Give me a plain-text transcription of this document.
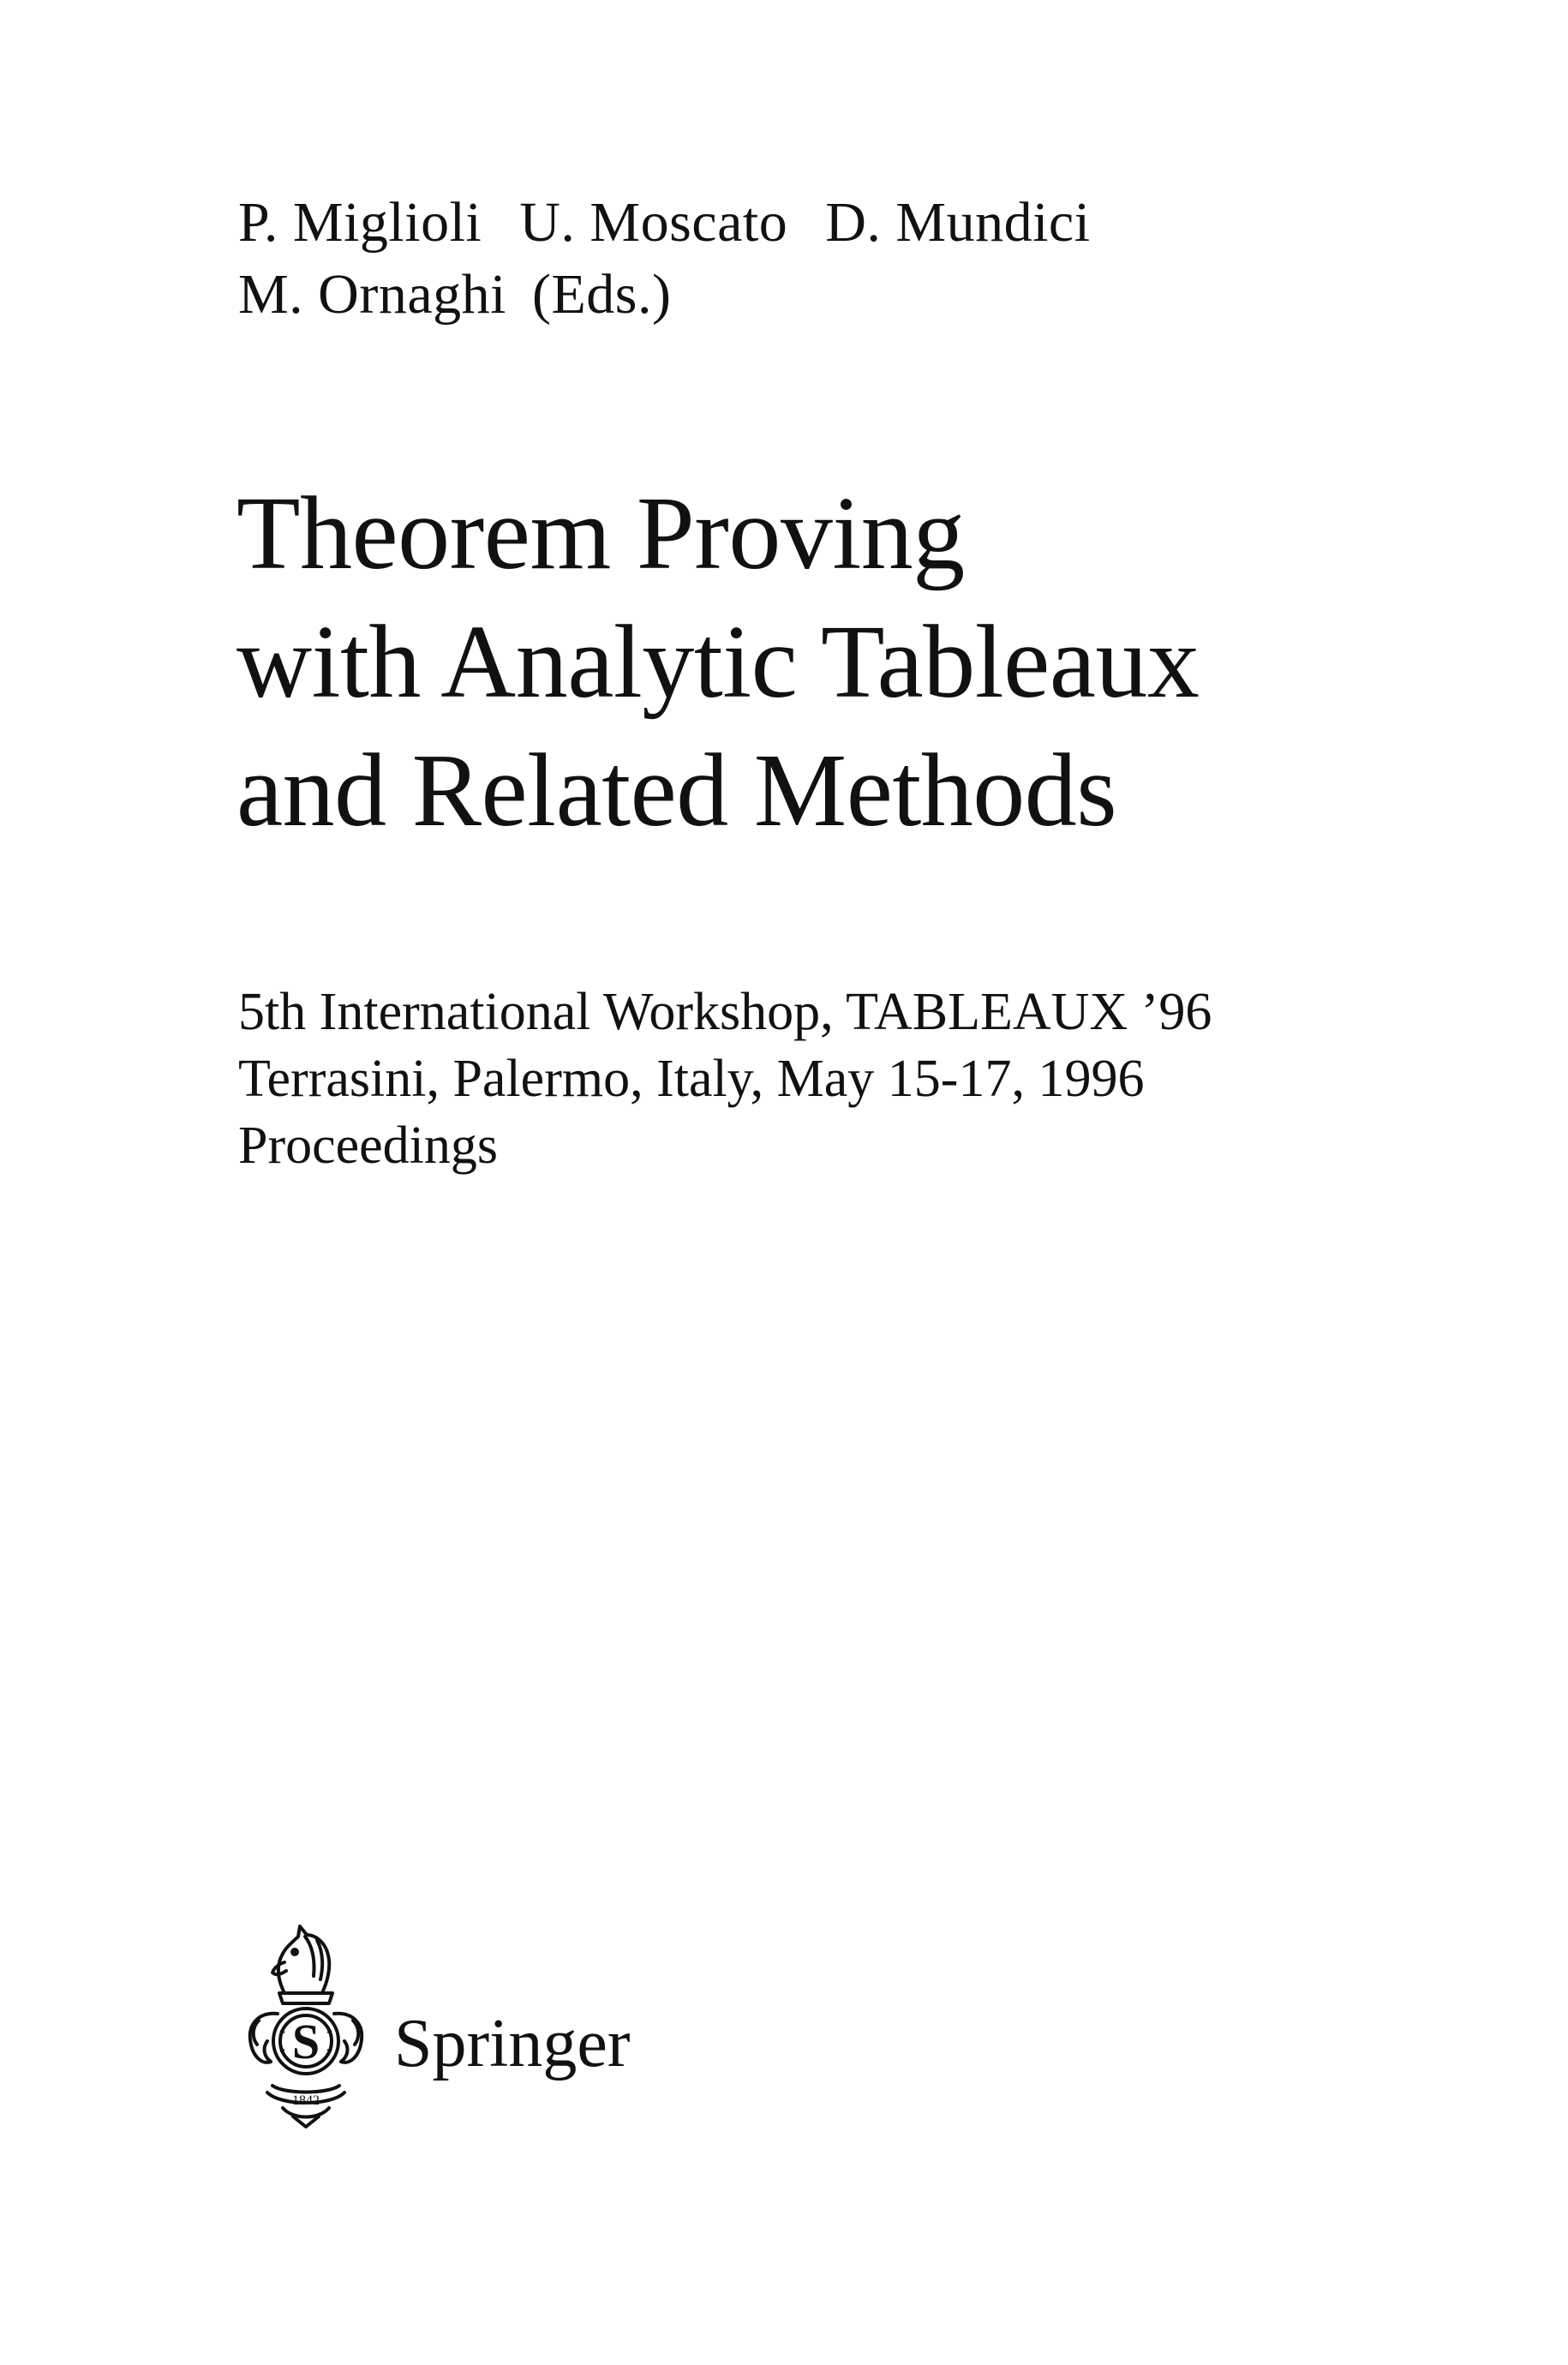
P. Miglioli U. Moscato D. Mundici
M. Ornaghi (Eds.)
Theorem Proving
with Analytic Tableaux
and Related Methods
5th International Workshop, TABLEAUX ’96
Terrasini, Palermo, Italy, May 15-17, 1996
Proceedings
S
1842
Springer
